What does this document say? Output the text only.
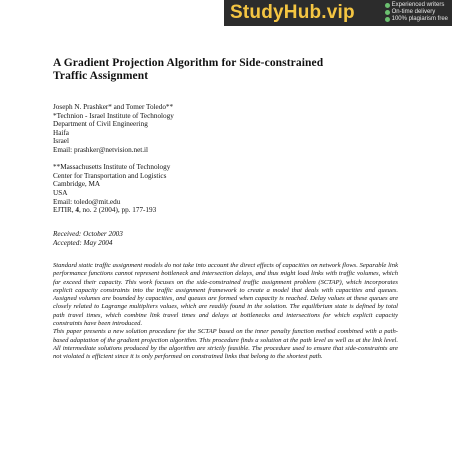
StudyHub.vip	Experienced writers
On-time delivery
100% plagiarism free
A Gradient Projection Algorithm for Side-constrained
Traffic Assignment
Joseph N. Prashker* and Tomer Toledo**
*Technion - Israel Institute of Technology
Department of Civil Engineering
Haifa
Israel
Email: prashker@netvision.net.il
**Massachusetts Institute of Technology
Center for Transportation and Logistics
Cambridge, MA
USA
Email: toledo@mit.edu
EJTIR, 4, no. 2 (2004), pp. 177-193
Received: October 2003
Accepted: May 2004

Standard static traffic assignment models do not take into account the direct effects of capacities on network flows. Separable link performance functions cannot represent bottleneck and intersection delays, and thus might load links with traffic volumes, which far exceed their capacity. This work focuses on the side-constrained traffic assignment problem (SCTAP), which incorporates explicit capacity constraints into the traffic assignment framework to create a model that deals with capacities and queues. Assigned volumes are bounded by capacities, and queues are formed when capacity is reached. Delay values at these queues are closely related to Lagrange multipliers values, which are readily found in the solution. The equilibrium state is defined by total path travel times, which combine link travel times and delays at bottlenecks and intersections for which explicit capacity constraints have been introduced.

This paper presents a new solution procedure for the SCTAP based on the inner penalty function method combined with a path-based adaptation of the gradient projection algorithm. This procedure finds a solution at the path level as well as at the link level. All intermediate solutions produced by the algorithm are strictly feasible. The procedure used to ensure that side-constraints are not violated is efficient since it is only performed on constrained links that belong to the shortest path.
